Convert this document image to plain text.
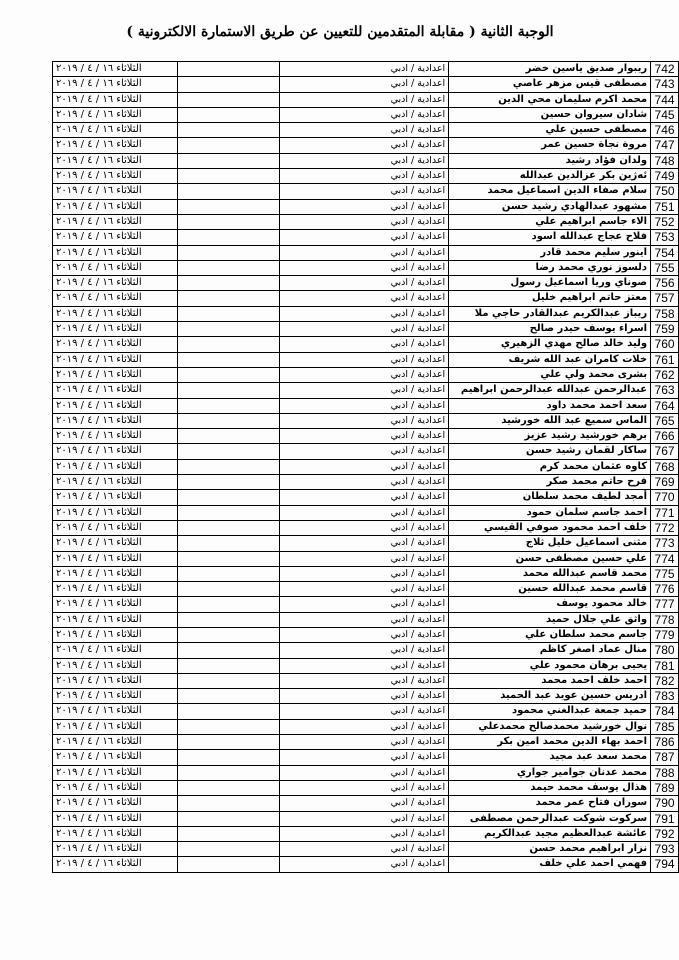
الوجبة الثانية ( مقابلة المتقدمين للتعيين عن طريق الاستمارة الالكترونية )
الثلاثاء ١٦ / ٤ / ٢٠١٩		اعدادية / ادبي	ريبوار صديق ياسين خضر	742
الثلاثاء ١٦ / ٤ / ٢٠١٩		اعدادية / ادبي	مصطفى قيس مزهر عاصي	743
الثلاثاء ١٦ / ٤ / ٢٠١٩		اعدادية / ادبي	محمد اكرم سليمان محي الدين	744
الثلاثاء ١٦ / ٤ / ٢٠١٩		اعدادية / ادبي	شادان سيروان حسين	745
الثلاثاء ١٦ / ٤ / ٢٠١٩		اعدادية / ادبي	مصطفى حسين علي	746
الثلاثاء ١٦ / ٤ / ٢٠١٩		اعدادية / ادبي	مروة نجاة حسين عمر	747
الثلاثاء ١٦ / ٤ / ٢٠١٩		اعدادية / ادبي	ولدان فؤاد رشيد	748
الثلاثاء ١٦ / ٤ / ٢٠١٩		اعدادية / ادبي	ئەژين بكر عزالدين عبدالله	749
الثلاثاء ١٦ / ٤ / ٢٠١٩		اعدادية / ادبي	سلام صفاء الدين اسماعيل محمد	750
الثلاثاء ١٦ / ٤ / ٢٠١٩		اعدادية / ادبي	مشهود عبدالهادي رشيد حسن	751
الثلاثاء ١٦ / ٤ / ٢٠١٩		اعدادية / ادبي	الاء جاسم ابراهيم علي	752
الثلاثاء ١٦ / ٤ / ٢٠١٩		اعدادية / ادبي	فلاح عجاج عبدالله اسود	753
الثلاثاء ١٦ / ٤ / ٢٠١٩		اعدادية / ادبي	اينور سليم محمد قادر	754
الثلاثاء ١٦ / ٤ / ٢٠١٩		اعدادية / ادبي	دلسوز نوري محمد رضا	755
الثلاثاء ١٦ / ٤ / ٢٠١٩		اعدادية / ادبي	صوناي وريا اسماعيل رسول	756
الثلاثاء ١٦ / ٤ / ٢٠١٩		اعدادية / ادبي	معتز حاتم ابراهيم خليل	757
الثلاثاء ١٦ / ٤ / ٢٠١٩		اعدادية / ادبي	ريباز عبدالكريم عبدالقادر حاجي ملا	758
الثلاثاء ١٦ / ٤ / ٢٠١٩		اعدادية / ادبي	اسراء يوسف حيدر صالح	759
الثلاثاء ١٦ / ٤ / ٢٠١٩		اعدادية / ادبي	وليد خالد صالح مهدي الزهيري	760
الثلاثاء ١٦ / ٤ / ٢٠١٩		اعدادية / ادبي	خلات كامران عبد الله شريف	761
الثلاثاء ١٦ / ٤ / ٢٠١٩		اعدادية / ادبي	بشرى محمد ولي علي	762
الثلاثاء ١٦ / ٤ / ٢٠١٩		اعدادية / ادبي	عبدالرحمن عبدالله عبدالرحمن ابراهيم	763
الثلاثاء ١٦ / ٤ / ٢٠١٩		اعدادية / ادبي	سعد احمد محمد داود	764
الثلاثاء ١٦ / ٤ / ٢٠١٩		اعدادية / ادبي	الماس سميع عبد الله خورشيد	765
الثلاثاء ١٦ / ٤ / ٢٠١٩		اعدادية / ادبي	برهم خورشيد رشيد عزيز	766
الثلاثاء ١٦ / ٤ / ٢٠١٩		اعدادية / ادبي	ساكار لقمان رشيد حسن	767
الثلاثاء ١٦ / ٤ / ٢٠١٩		اعدادية / ادبي	كاوه عثمان محمد كرم	768
الثلاثاء ١٦ / ٤ / ٢٠١٩		اعدادية / ادبي	فرح حاتم محمد صكر	769
الثلاثاء ١٦ / ٤ / ٢٠١٩		اعدادية / ادبي	أمجد لطيف محمد سلطان	770
الثلاثاء ١٦ / ٤ / ٢٠١٩		اعدادية / ادبي	احمد جاسم سلمان حمود	771
الثلاثاء ١٦ / ٤ / ٢٠١٩		اعدادية / ادبي	خلف احمد محمود صوفي القيسي	772
الثلاثاء ١٦ / ٤ / ٢٠١٩		اعدادية / ادبي	مثنى اسماعيل خليل ثلاج	773
الثلاثاء ١٦ / ٤ / ٢٠١٩		اعدادية / ادبي	علي حسين مصطفى حسن	774
الثلاثاء ١٦ / ٤ / ٢٠١٩		اعدادية / ادبي	محمد قاسم عبدالله محمد	775
الثلاثاء ١٦ / ٤ / ٢٠١٩		اعدادية / ادبي	قاسم محمد عبدالله حسين	776
الثلاثاء ١٦ / ٤ / ٢٠١٩		اعدادية / ادبي	خالد محمود يوسف	777
الثلاثاء ١٦ / ٤ / ٢٠١٩		اعدادية / ادبي	واثق علي جلال حميد	778
الثلاثاء ١٦ / ٤ / ٢٠١٩		اعدادية / ادبي	جاسم محمد سلطان علي	779
الثلاثاء ١٦ / ٤ / ٢٠١٩		اعدادية / ادبي	منال عماد اصغر كاظم	780
الثلاثاء ١٦ / ٤ / ٢٠١٩		اعدادية / ادبي	يحيى برهان محمود علي	781
الثلاثاء ١٦ / ٤ / ٢٠١٩		اعدادية / ادبي	احمد خلف احمد محمد	782
الثلاثاء ١٦ / ٤ / ٢٠١٩		اعدادية / ادبي	ادريس حسين عويد عبد الحميد	783
الثلاثاء ١٦ / ٤ / ٢٠١٩		اعدادية / ادبي	حميد جمعة عبدالغني محمود	784
الثلاثاء ١٦ / ٤ / ٢٠١٩		اعدادية / ادبي	نوال خورشيد محمدصالح محمدعلي	785
الثلاثاء ١٦ / ٤ / ٢٠١٩		اعدادية / ادبي	احمد بهاء الدين محمد امين بكر	786
الثلاثاء ١٦ / ٤ / ٢٠١٩		اعدادية / ادبي	محمد سعد عبد مجيد	787
الثلاثاء ١٦ / ٤ / ٢٠١٩		اعدادية / ادبي	محمد عدنان جوامير جواري	788
الثلاثاء ١٦ / ٤ / ٢٠١٩		اعدادية / ادبي	هذال يوسف محمد حيمد	789
الثلاثاء ١٦ / ٤ / ٢٠١٩		اعدادية / ادبي	سوران فتاح عمر محمد	790
الثلاثاء ١٦ / ٤ / ٢٠١٩		اعدادية / ادبي	سركوت شوكت عبدالرحمن مصطفى	791
الثلاثاء ١٦ / ٤ / ٢٠١٩		اعدادية / ادبي	عائشة عبدالعظيم مجيد عبدالكريم	792
الثلاثاء ١٦ / ٤ / ٢٠١٩		اعدادية / ادبي	نزار ابراهيم محمد حسن	793
الثلاثاء ١٦ / ٤ / ٢٠١٩		اعدادية / ادبي	فهمي احمد علي خلف	794
